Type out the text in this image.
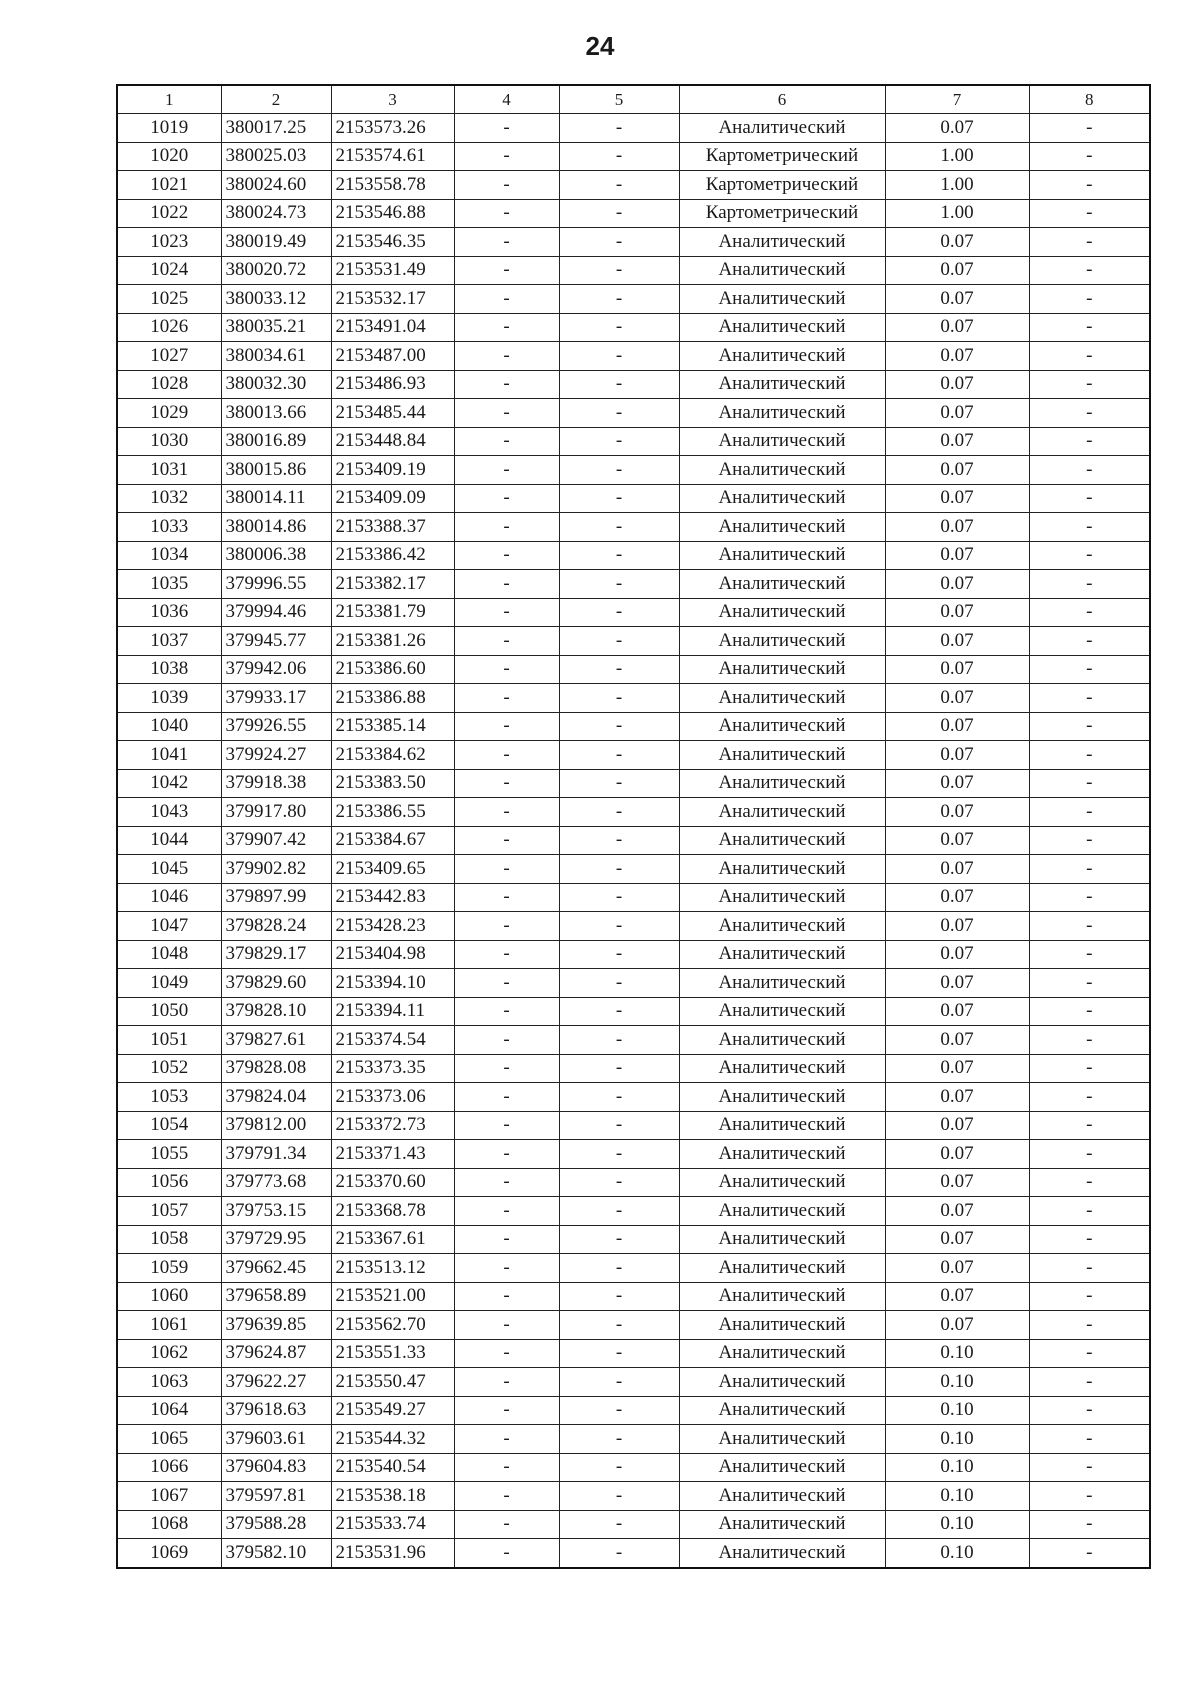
24
1	2	3	4	5	6	7	8
1019	380017.25	2153573.26	-	-	Аналитический	0.07	-
1020	380025.03	2153574.61	-	-	Картометрический	1.00	-
1021	380024.60	2153558.78	-	-	Картометрический	1.00	-
1022	380024.73	2153546.88	-	-	Картометрический	1.00	-
1023	380019.49	2153546.35	-	-	Аналитический	0.07	-
1024	380020.72	2153531.49	-	-	Аналитический	0.07	-
1025	380033.12	2153532.17	-	-	Аналитический	0.07	-
1026	380035.21	2153491.04	-	-	Аналитический	0.07	-
1027	380034.61	2153487.00	-	-	Аналитический	0.07	-
1028	380032.30	2153486.93	-	-	Аналитический	0.07	-
1029	380013.66	2153485.44	-	-	Аналитический	0.07	-
1030	380016.89	2153448.84	-	-	Аналитический	0.07	-
1031	380015.86	2153409.19	-	-	Аналитический	0.07	-
1032	380014.11	2153409.09	-	-	Аналитический	0.07	-
1033	380014.86	2153388.37	-	-	Аналитический	0.07	-
1034	380006.38	2153386.42	-	-	Аналитический	0.07	-
1035	379996.55	2153382.17	-	-	Аналитический	0.07	-
1036	379994.46	2153381.79	-	-	Аналитический	0.07	-
1037	379945.77	2153381.26	-	-	Аналитический	0.07	-
1038	379942.06	2153386.60	-	-	Аналитический	0.07	-
1039	379933.17	2153386.88	-	-	Аналитический	0.07	-
1040	379926.55	2153385.14	-	-	Аналитический	0.07	-
1041	379924.27	2153384.62	-	-	Аналитический	0.07	-
1042	379918.38	2153383.50	-	-	Аналитический	0.07	-
1043	379917.80	2153386.55	-	-	Аналитический	0.07	-
1044	379907.42	2153384.67	-	-	Аналитический	0.07	-
1045	379902.82	2153409.65	-	-	Аналитический	0.07	-
1046	379897.99	2153442.83	-	-	Аналитический	0.07	-
1047	379828.24	2153428.23	-	-	Аналитический	0.07	-
1048	379829.17	2153404.98	-	-	Аналитический	0.07	-
1049	379829.60	2153394.10	-	-	Аналитический	0.07	-
1050	379828.10	2153394.11	-	-	Аналитический	0.07	-
1051	379827.61	2153374.54	-	-	Аналитический	0.07	-
1052	379828.08	2153373.35	-	-	Аналитический	0.07	-
1053	379824.04	2153373.06	-	-	Аналитический	0.07	-
1054	379812.00	2153372.73	-	-	Аналитический	0.07	-
1055	379791.34	2153371.43	-	-	Аналитический	0.07	-
1056	379773.68	2153370.60	-	-	Аналитический	0.07	-
1057	379753.15	2153368.78	-	-	Аналитический	0.07	-
1058	379729.95	2153367.61	-	-	Аналитический	0.07	-
1059	379662.45	2153513.12	-	-	Аналитический	0.07	-
1060	379658.89	2153521.00	-	-	Аналитический	0.07	-
1061	379639.85	2153562.70	-	-	Аналитический	0.07	-
1062	379624.87	2153551.33	-	-	Аналитический	0.10	-
1063	379622.27	2153550.47	-	-	Аналитический	0.10	-
1064	379618.63	2153549.27	-	-	Аналитический	0.10	-
1065	379603.61	2153544.32	-	-	Аналитический	0.10	-
1066	379604.83	2153540.54	-	-	Аналитический	0.10	-
1067	379597.81	2153538.18	-	-	Аналитический	0.10	-
1068	379588.28	2153533.74	-	-	Аналитический	0.10	-
1069	379582.10	2153531.96	-	-	Аналитический	0.10	-
